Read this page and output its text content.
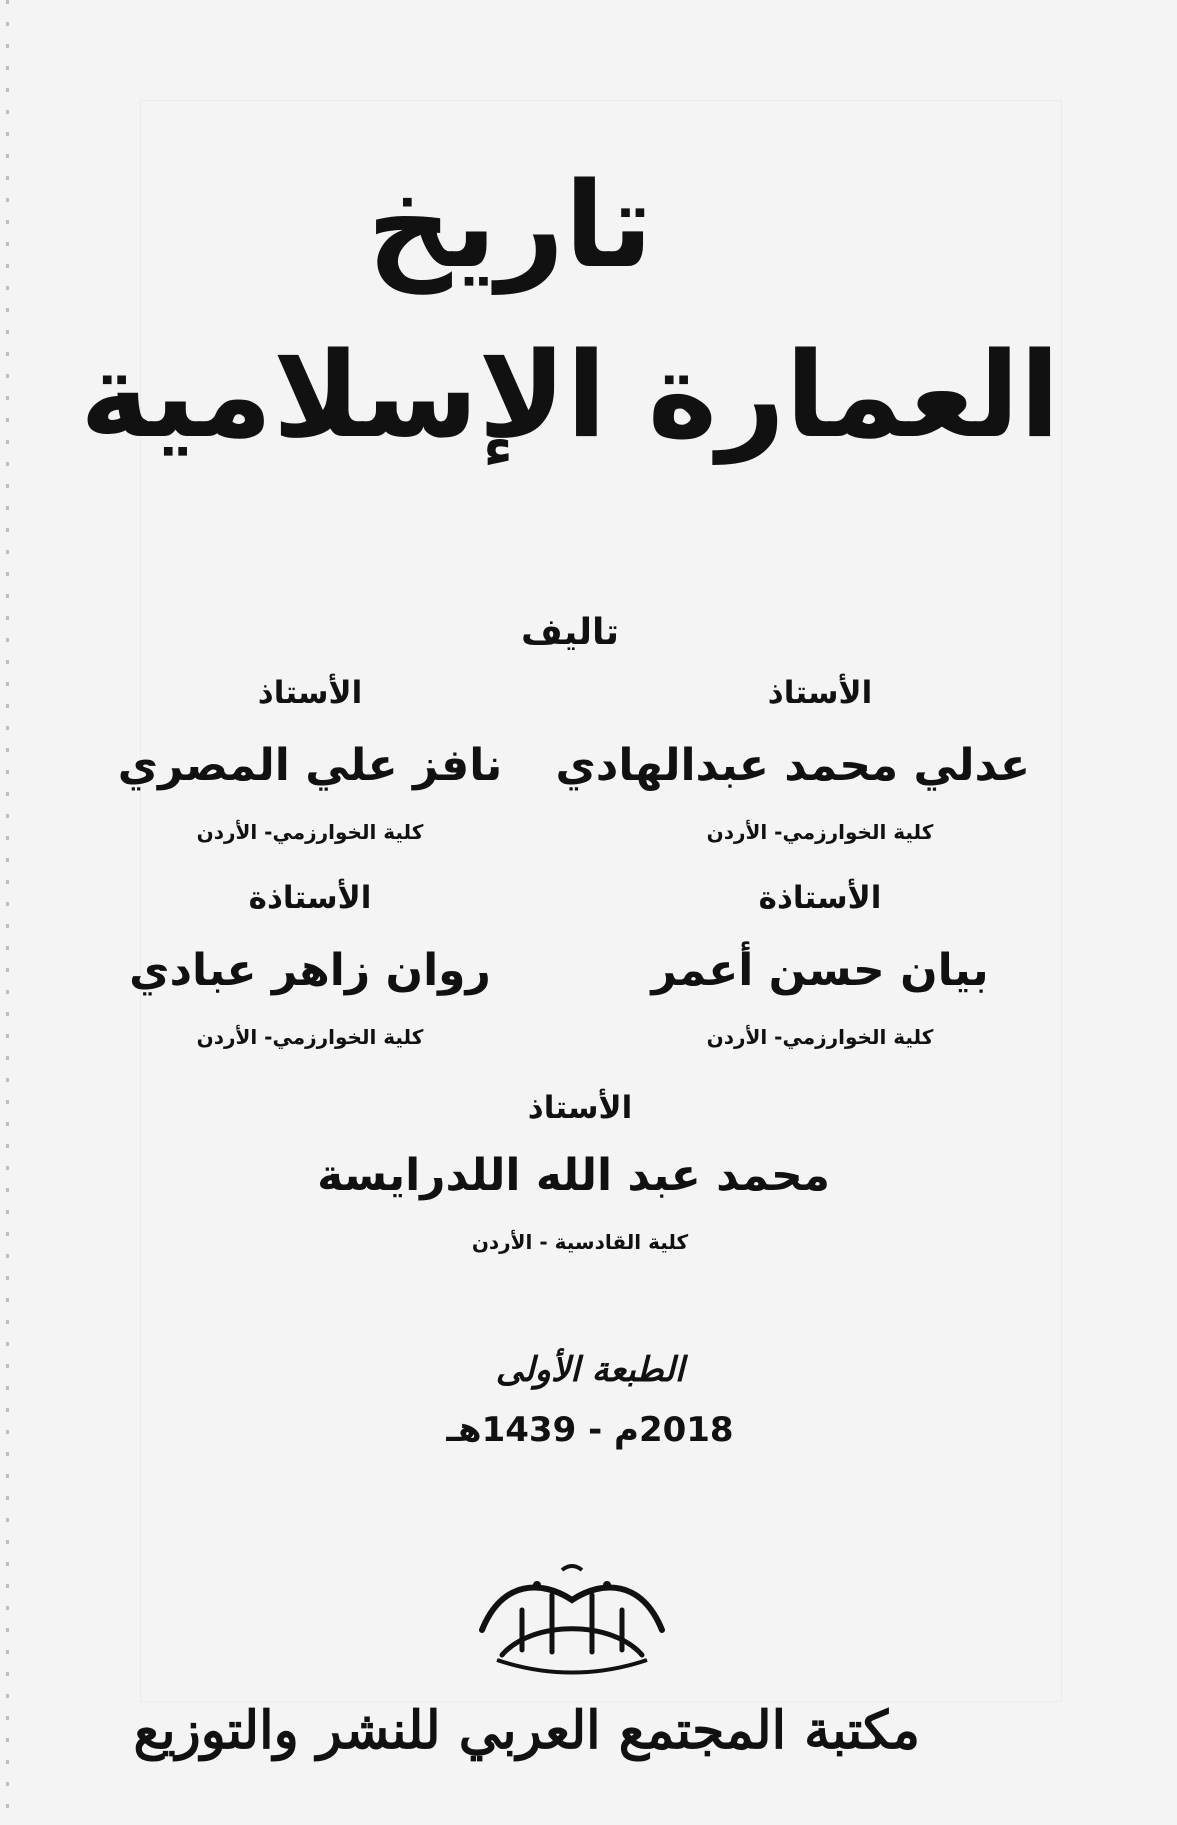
تاريخ
العمارة الإسلامية
تاليف
الأستاذ
عدلي محمد عبدالهادي
كلية الخوارزمي- الأردن
الأستاذ
نافز علي المصري
كلية الخوارزمي- الأردن
الأستاذة
بيان حسن أعمر
كلية الخوارزمي- الأردن
الأستاذة
روان زاهر عبادي
كلية الخوارزمي- الأردن
الأستاذ
محمد عبد الله اللدرايسة
كلية القادسية - الأردن
الطبعة الأولى
2018م - 1439هـ
مكتبة المجتمع العربي للنشر والتوزيع
